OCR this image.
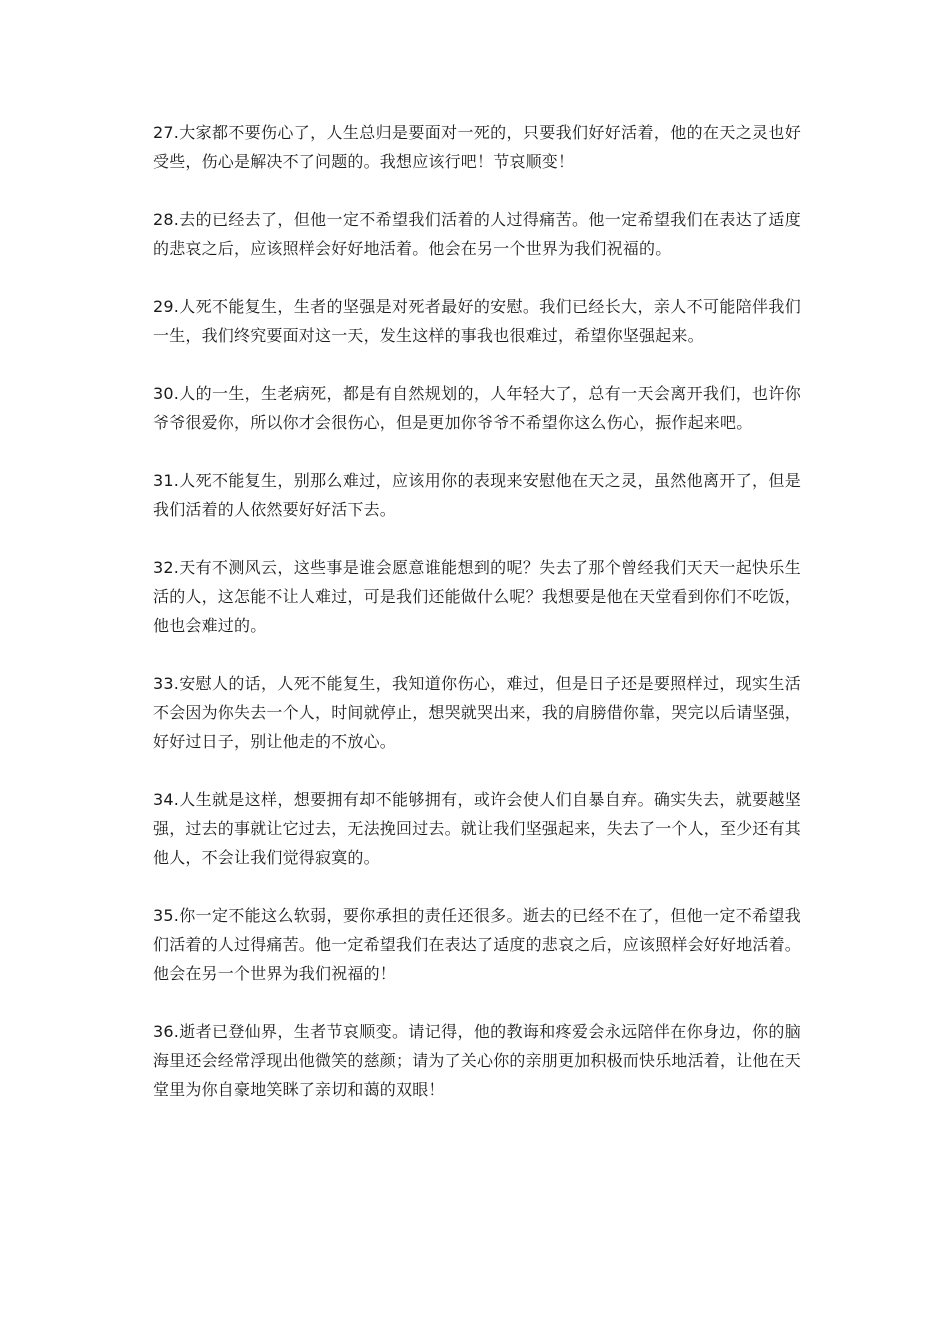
27.大家都不要伤心了，人生总归是要面对一死的，只要我们好好活着，他的在天之灵也好受些，伤心是解决不了问题的。我想应该行吧！节哀顺变！

28.去的已经去了，但他一定不希望我们活着的人过得痛苦。他一定希望我们在表达了适度的悲哀之后，应该照样会好好地活着。他会在另一个世界为我们祝福的。

29.人死不能复生，生者的坚强是对死者最好的安慰。我们已经长大，亲人不可能陪伴我们一生，我们终究要面对这一天，发生这样的事我也很难过，希望你坚强起来。

30.人的一生，生老病死，都是有自然规划的，人年轻大了，总有一天会离开我们，也许你爷爷很爱你，所以你才会很伤心，但是更加你爷爷不希望你这么伤心，振作起来吧。

31.人死不能复生，别那么难过，应该用你的表现来安慰他在天之灵，虽然他离开了，但是我们活着的人依然要好好活下去。

32.天有不测风云，这些事是谁会愿意谁能想到的呢？失去了那个曾经我们天天一起快乐生活的人，这怎能不让人难过，可是我们还能做什么呢？我想要是他在天堂看到你们不吃饭，他也会难过的。

33.安慰人的话，人死不能复生，我知道你伤心，难过，但是日子还是要照样过，现实生活不会因为你失去一个人，时间就停止，想哭就哭出来，我的肩膀借你靠，哭完以后请坚强，好好过日子，别让他走的不放心。

34.人生就是这样，想要拥有却不能够拥有，或许会使人们自暴自弃。确实失去，就要越坚强，过去的事就让它过去，无法挽回过去。就让我们坚强起来，失去了一个人，至少还有其他人，不会让我们觉得寂寞的。

35.你一定不能这么软弱，要你承担的责任还很多。逝去的已经不在了，但他一定不希望我们活着的人过得痛苦。他一定希望我们在表达了适度的悲哀之后，应该照样会好好地活着。他会在另一个世界为我们祝福的！

36.逝者已登仙界，生者节哀顺变。请记得，他的教诲和疼爱会永远陪伴在你身边，你的脑海里还会经常浮现出他微笑的慈颜；请为了关心你的亲朋更加积极而快乐地活着，让他在天堂里为你自豪地笑眯了亲切和蔼的双眼！
